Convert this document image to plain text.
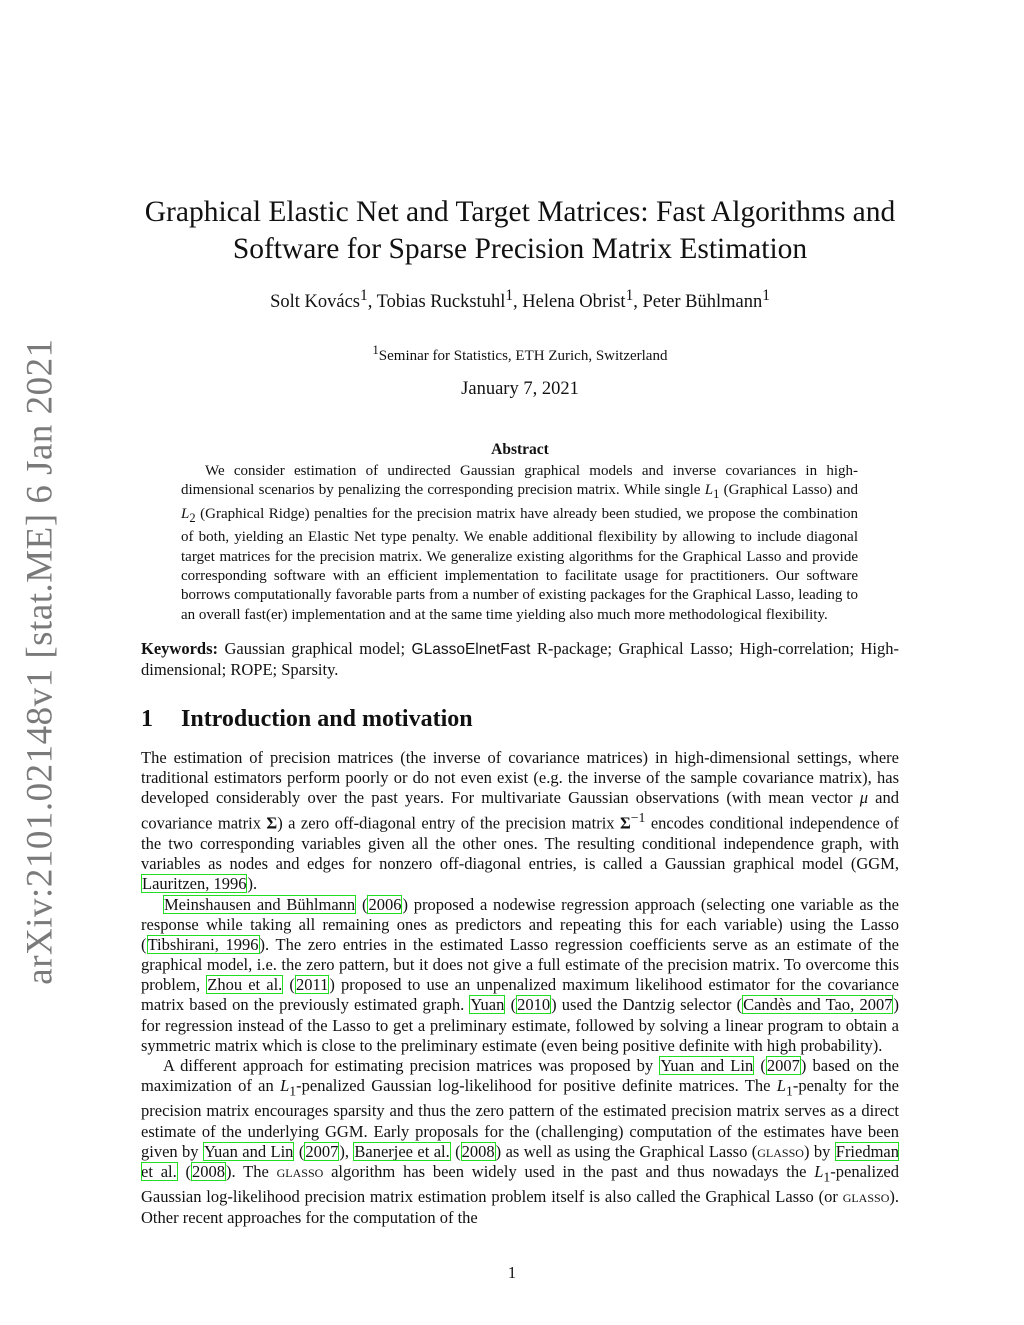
arXiv:2101.02148v1 [stat.ME] 6 Jan 2021
Graphical Elastic Net and Target Matrices: Fast Algorithms and
Software for Sparse Precision Matrix Estimation
Solt Kovács$^1$, Tobias Ruckstuhl$^1$, Helena Obrist$^1$, Peter Bühlmann$^1$
$^1$Seminar for Statistics, ETH Zurich, Switzerland
January 7, 2021
Abstract
We consider estimation of undirected Gaussian graphical models and inverse covariances in high-dimensional scenarios by penalizing the corresponding precision matrix. While single $L_1$ (Graphical Lasso) and $L_2$ (Graphical Ridge) penalties for the precision matrix have already been studied, we propose the combination of both, yielding an Elastic Net type penalty. We enable additional flexibility by allowing to include diagonal target matrices for the precision matrix. We generalize existing algorithms for the Graphical Lasso and provide corresponding software with an efficient implementation to facilitate usage for practitioners. Our software borrows computationally favorable parts from a number of existing packages for the Graphical Lasso, leading to an overall fast(er) implementation and at the same time yielding also much more methodological flexibility.
Keywords: Gaussian graphical model; GLassoElnetFast R-package; Graphical Lasso; High-correlation; High-dimensional; ROPE; Sparsity.
1 Introduction and motivation

The estimation of precision matrices (the inverse of covariance matrices) in high-dimensional settings, where traditional estimators perform poorly or do not even exist (e.g. the inverse of the sample covariance matrix), has developed considerably over the past years. For multivariate Gaussian observations (with mean vector μ and covariance matrix Σ) a zero off-diagonal entry of the precision matrix $\Sigma^{-1}$ encodes conditional independence of the two corresponding variables given all the other ones. The resulting conditional independence graph, with variables as nodes and edges for nonzero off-diagonal entries, is called a Gaussian graphical model (GGM, Lauritzen, 1996).

Meinshausen and Bühlmann (2006) proposed a nodewise regression approach (selecting one variable as the response while taking all remaining ones as predictors and repeating this for each variable) using the Lasso (Tibshirani, 1996). The zero entries in the estimated Lasso regression coefficients serve as an estimate of the graphical model, i.e. the zero pattern, but it does not give a full estimate of the precision matrix. To overcome this problem, Zhou et al. (2011) proposed to use an unpenalized maximum likelihood estimator for the covariance matrix based on the previously estimated graph. Yuan (2010) used the Dantzig selector (Candès and Tao, 2007) for regression instead of the Lasso to get a preliminary estimate, followed by solving a linear program to obtain a symmetric matrix which is close to the preliminary estimate (even being positive definite with high probability).

A different approach for estimating precision matrices was proposed by Yuan and Lin (2007) based on the maximization of an $L_1$-penalized Gaussian log-likelihood for positive definite matrices. The $L_1$-penalty for the precision matrix encourages sparsity and thus the zero pattern of the estimated precision matrix serves as a direct estimate of the underlying GGM. Early proposals for the (challenging) computation of the estimates have been given by Yuan and Lin (2007), Banerjee et al. (2008) as well as using the Graphical Lasso (glasso) by Friedman et al. (2008). The glasso algorithm has been widely used in the past and thus nowadays the $L_1$-penalized Gaussian log-likelihood precision matrix estimation problem itself is also called the Graphical Lasso (or glasso). Other recent approaches for the computation of the

1
